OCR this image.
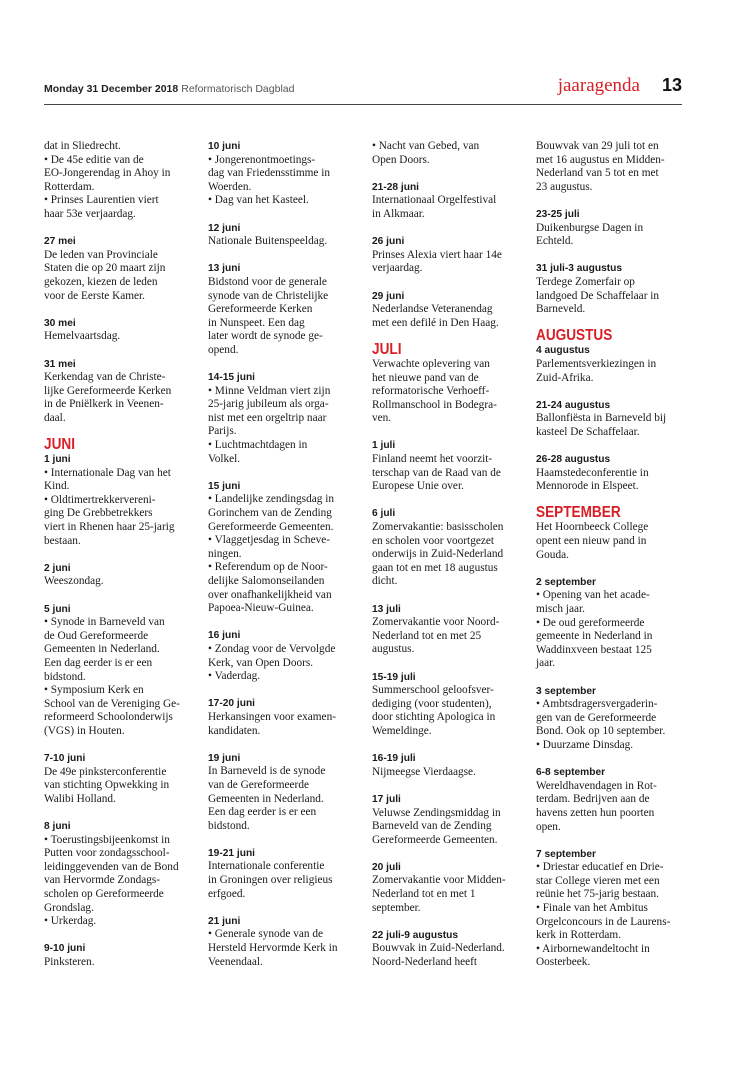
Monday 31 December 2018 Reformatorisch Dagblad	jaaragenda 13
dat in Sliedrecht.
• De 45e editie van de
EO-Jongerendag in Ahoy in
Rotterdam.
• Prinses Laurentien viert
haar 53e verjaardag.
27 mei
De leden van Provinciale
Staten die op 20 maart zijn
gekozen, kiezen de leden
voor de Eerste Kamer.
30 mei
Hemelvaartsdag.
31 mei
Kerkendag van de Christe-
lijke Gereformeerde Kerken
in de Pniëlkerk in Veenen-
daal.
JUNI
1 juni
• Internationale Dag van het
Kind.
• Oldtimertrekkerverenі-
ging De Grebbetrekkers
viert in Rhenen haar 25-jarig
bestaan.
2 juni
Weeszondag.
5 juni
• Synode in Barneveld van
de Oud Gereformeerde
Gemeenten in Nederland.
Een dag eerder is er een
bidstond.
• Symposium Kerk en
School van de Vereniging Ge-
reformeerd Schoolonderwijs
(VGS) in Houten.
7-10 juni
De 49e pinksterconferentie
van stichting Opwekking in
Walibi Holland.
8 juni
• Toerustingsbijeenkomst in
Putten voor zondagsschool-
leidinggevenden van de Bond
van Hervormde Zondags-
scholen op Gereformeerde
Grondslag.
• Urkerdag.
9-10 juni
Pinksteren.
10 juni
• Jongerenontmoetings-
dag van Friedensstimme in
Woerden.
• Dag van het Kasteel.
12 juni
Nationale Buitenspeeldag.
13 juni
Bidstond voor de generale
synode van de Christelijke
Gereformeerde Kerken
in Nunspeet. Een dag
later wordt de synode ge-
opend.
14-15 juni
• Minne Veldman viert zijn
25-jarig jubileum als orga-
nist met een orgeltrip naar
Parijs.
• Luchtmachtdagen in
Volkel.
15 juni
• Landelijke zendingsdag in
Gorinchem van de Zending
Gereformeerde Gemeenten.
• Vlaggetjesdag in Scheve-
ningen.
• Referendum op de Noor-
delijke Salomonseilanden
over onafhankelijkheid van
Papoea-Nieuw-Guinea.
16 juni
• Zondag voor de Vervolgde
Kerk, van Open Doors.
• Vaderdag.
17-20 juni
Herkansingen voor examen-
kandidaten.
19 juni
In Barneveld is de synode
van de Gereformeerde
Gemeenten in Nederland.
Een dag eerder is er een
bidstond.
19-21 juni
Internationale conferentie
in Groningen over religieus
erfgoed.
21 juni
• Generale synode van de
Hersteld Hervormde Kerk in
Veenendaal.
• Nacht van Gebed, van
Open Doors.
21-28 juni
Internationaal Orgelfestival
in Alkmaar.
26 juni
Prinses Alexia viert haar 14e
verjaardag.
29 juni
Nederlandse Veteranendag
met een defilé in Den Haag.
JULI
Verwachte oplevering van
het nieuwe pand van de
reformatorische Verhoeff-
Rollmanschool in Bodegra-
ven.
1 juli
Finland neemt het voorzit-
terschap van de Raad van de
Europese Unie over.
6 juli
Zomervakantie: basisscholen
en scholen voor voortgezet
onderwijs in Zuid-Nederland
gaan tot en met 18 augustus
dicht.
13 juli
Zomervakantie voor Noord-
Nederland tot en met 25
augustus.
15-19 juli
Summerschool geloofsver-
dediging (voor studenten),
door stichting Apologica in
Wemeldinge.
16-19 juli
Nijmeegse Vierdaagse.
17 juli
Veluwse Zendingsmiddag in
Barneveld van de Zending
Gereformeerde Gemeenten.
20 juli
Zomervakantie voor Midden-
Nederland tot en met 1
september.
22 juli-9 augustus
Bouwvak in Zuid-Nederland.
Noord-Nederland heeft
Bouwvak van 29 juli tot en
met 16 augustus en Midden-
Nederland van 5 tot en met
23 augustus.
23-25 juli
Duikenburgse Dagen in
Echteld.
31 juli-3 augustus
Terdege Zomerfair op
landgoed De Schaffelaar in
Barneveld.
AUGUSTUS
4 augustus
Parlementsverkiezingen in
Zuid-Afrika.
21-24 augustus
Ballonfiësta in Barneveld bij
kasteel De Schaffelaar.
26-28 augustus
Haamstedeconferentie in
Mennorode in Elspeet.
SEPTEMBER
Het Hoornbeeck College
opent een nieuw pand in
Gouda.
2 september
• Opening van het acade-
misch jaar.
• De oud gereformeerde
gemeente in Nederland in
Waddinxveen bestaat 125
jaar.
3 september
• Ambtsdragersvergaderin-
gen van de Gereformeerde
Bond. Ook op 10 september.
• Duurzame Dinsdag.
6-8 september
Wereldhavendagen in Rot-
terdam. Bedrijven aan de
havens zetten hun poorten
open.
7 september
• Driestar educatief en Drie-
star College vieren met een
reünie het 75-jarig bestaan.
• Finale van het Ambitus
Orgelconcours in de Laurens-
kerk in Rotterdam.
• Airbornewandeltocht in
Oosterbeek.
